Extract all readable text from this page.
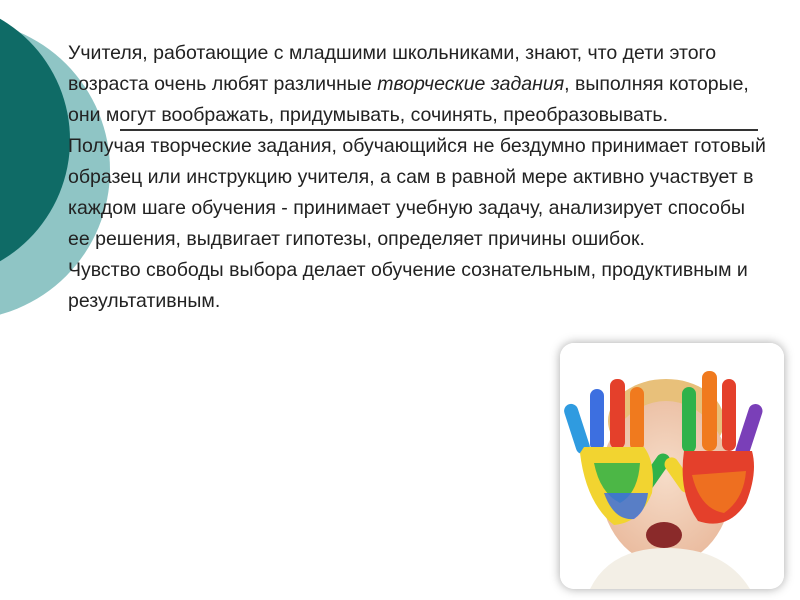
Учителя, работающие с младшими школьниками, знают, что дети этого возраста очень любят различные творческие задания, выполняя которые, они могут воображать, придумывать, сочинять, преобразовывать.

Получая творческие задания, обучающийся не бездумно принимает готовый образец или инструкцию учителя, а сам в равной мере активно участвует в каждом шаге обучения - принимает учебную задачу, анализирует способы ее решения, выдвигает гипотезы, определяет причины ошибок.

Чувство свободы выбора делает обучение сознательным, продуктивным и результативным.
